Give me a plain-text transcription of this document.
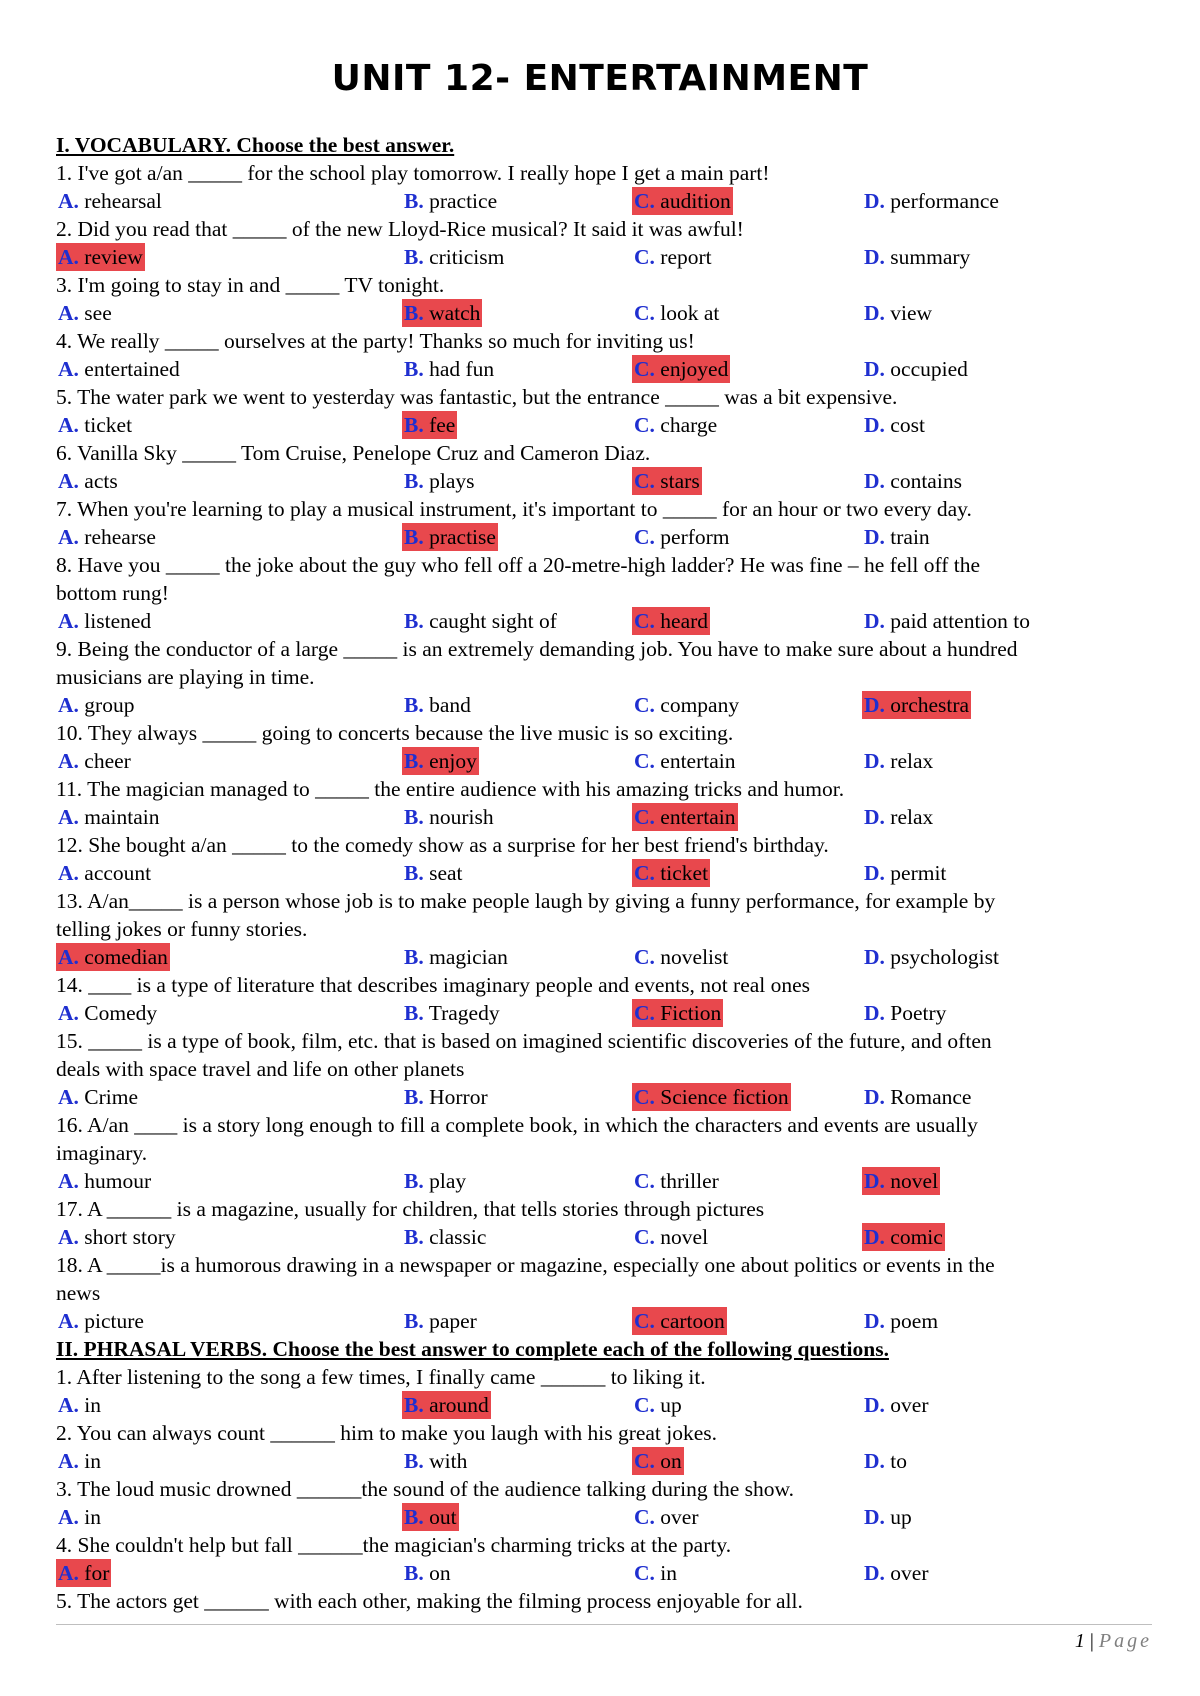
UNIT 12- ENTERTAINMENT
I. VOCABULARY. Choose the best answer.
1. I've got a/an _____ for the school play tomorrow. I really hope I get a main part!
A. rehearsal	B. practice	C. audition	D. performance
2. Did you read that _____ of the new Lloyd-Rice musical? It said it was awful!
A. review	B. criticism	C. report	D. summary
3. I'm going to stay in and _____ TV tonight.
A. see	B. watch	C. look at	D. view
4. We really _____ ourselves at the party! Thanks so much for inviting us!
A. entertained	B. had fun	C. enjoyed	D. occupied
5. The water park we went to yesterday was fantastic, but the entrance _____ was a bit expensive.
A. ticket	B. fee	C. charge	D. cost
6. Vanilla Sky _____ Tom Cruise, Penelope Cruz and Cameron Diaz.
A. acts	B. plays	C. stars	D. contains
7. When you're learning to play a musical instrument, it's important to _____ for an hour or two every day.
A. rehearse	B. practise	C. perform	D. train
8. Have you _____ the joke about the guy who fell off a 20-metre-high ladder? He was fine – he fell off the
bottom rung!
A. listened	B. caught sight of	C. heard	D. paid attention to
9. Being the conductor of a large _____ is an extremely demanding job. You have to make sure about a hundred
musicians are playing in time.
A. group	B. band	C. company	D. orchestra
10. They always _____ going to concerts because the live music is so exciting.
A. cheer	B. enjoy	C. entertain	D. relax
11. The magician managed to _____ the entire audience with his amazing tricks and humor.
A. maintain	B. nourish	C. entertain	D. relax
12. She bought a/an _____ to the comedy show as a surprise for her best friend's birthday.
A. account	B. seat	C. ticket	D. permit
13. A/an_____ is a person whose job is to make people laugh by giving a funny performance, for example by
telling jokes or funny stories.
A. comedian	B. magician	C. novelist	D. psychologist
14. ____ is a type of literature that describes imaginary people and events, not real ones
A. Comedy	B. Tragedy	C. Fiction	D. Poetry
15. _____ is a type of book, film, etc. that is based on imagined scientific discoveries of the future, and often
deals with space travel and life on other planets
A. Crime	B. Horror	C. Science fiction	D. Romance
16. A/an ____ is a story long enough to fill a complete book, in which the characters and events are usually
imaginary.
A. humour	B. play	C. thriller	D. novel
17. A ______ is a magazine, usually for children, that tells stories through pictures
A. short story	B. classic	C. novel	D. comic
18. A _____is a humorous drawing in a newspaper or magazine, especially one about politics or events in the
news
A. picture	B. paper	C. cartoon	D. poem
II. PHRASAL VERBS. Choose the best answer to complete each of the following questions.
1. After listening to the song a few times, I finally came ______ to liking it.
A. in	B. around	C. up	D. over
2. You can always count ______ him to make you laugh with his great jokes.
A. in	B. with	C. on	D. to
3. The loud music drowned ______the sound of the audience talking during the show.
A. in	B. out	C. over	D. up
4. She couldn't help but fall ______the magician's charming tricks at the party.
A. for	B. on	C. in	D. over
5. The actors get ______ with each other, making the filming process enjoyable for all.
1 | Page
